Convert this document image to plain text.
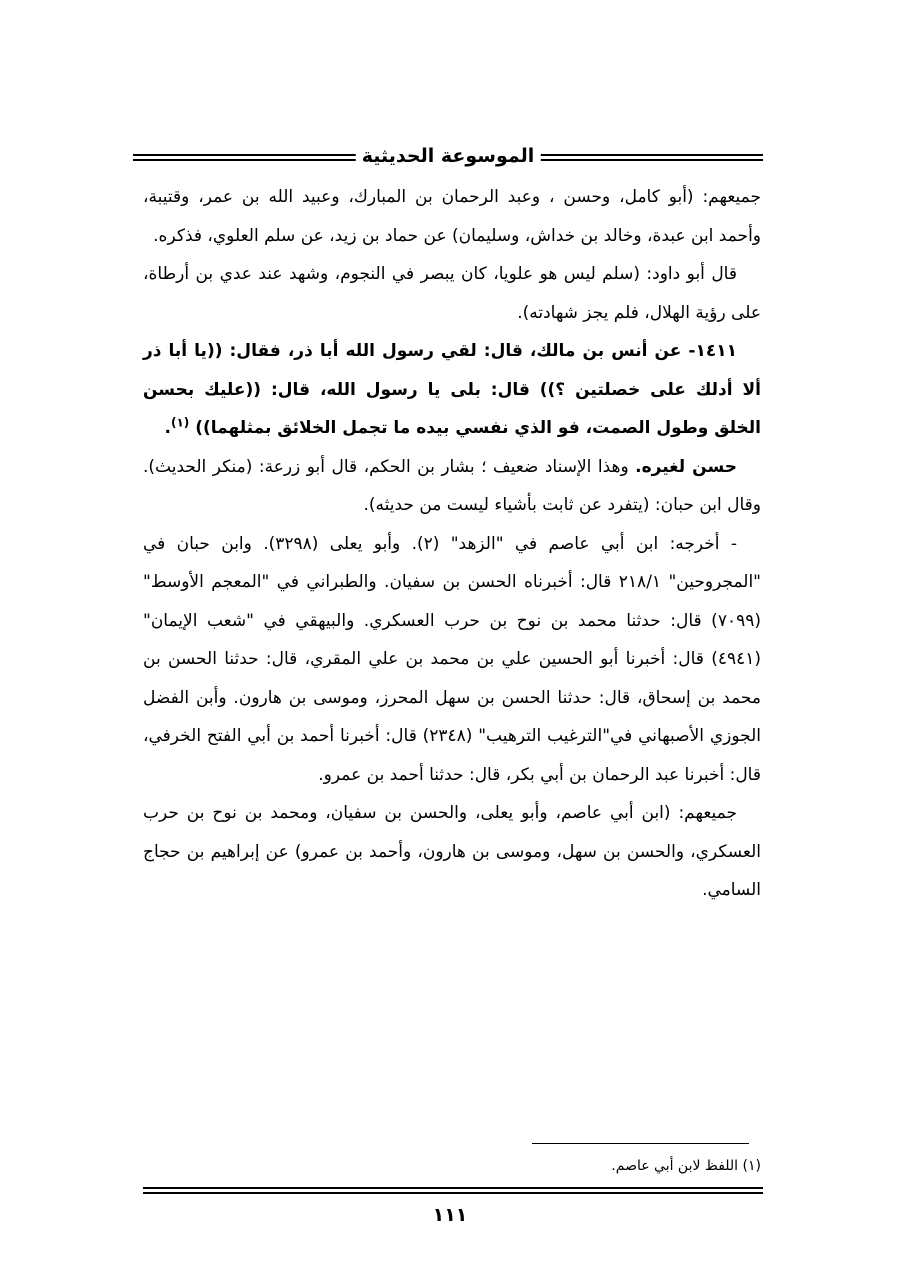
الموسوعة الحديثية

جميعهم: (أبو كامل، وحسن ، وعبد الرحمان بن المبارك، وعبيد الله بن عمر، وقتيبة، وأحمد ابن عبدة، وخالد بن خداش، وسليمان) عن حماد بن زيد، عن سلم العلوي، فذكره.

قال أبو داود: (سلم ليس هو علويا، كان يبصر في النجوم، وشهد عند عدي بن أرطاة، على رؤية الهلال، فلم يجز شهادته).

١٤١١- عن أنس بن مالك، قال: لقي رسول الله أبا ذر، فقال: ((يا أبا ذر ألا أدلك على خصلتين ؟)) قال: بلى يا رسول الله، قال: ((عليك بحسن الخلق وطول الصمت، فو الذي نفسي بيده ما تجمل الخلائق بمثلهما)) $^{(١)}$.

حسن لغيره. وهذا الإسناد ضعيف ؛ بشار بن الحكم، قال أبو زرعة: (منكر الحديث). وقال ابن حبان: (يتفرد عن ثابت بأشياء ليست من حديثه).

- أخرجه: ابن أبي عاصم في "الزهد" (٢). وأبو يعلى (٣٢٩٨). وابن حبان في "المجروحين" ٢١٨/١ قال: أخبرناه الحسن بن سفيان. والطبراني في "المعجم الأوسط" (٧٠٩٩) قال: حدثنا محمد بن نوح بن حرب العسكري. والبيهقي في "شعب الإيمان" (٤٩٤١) قال: أخبرنا أبو الحسين علي بن محمد بن علي المقري، قال: حدثنا الحسن بن محمد بن إسحاق، قال: حدثنا الحسن بن سهل المحرز، وموسى بن هارون. وأبن الفضل الجوزي الأصبهاني في"الترغيب الترهيب" (٢٣٤٨) قال: أخبرنا أحمد بن أبي الفتح الخرفي، قال: أخبرنا عبد الرحمان بن أبي بكر، قال: حدثنا أحمد بن عمرو.

جميعهم: (ابن أبي عاصم، وأبو يعلى، والحسن بن سفيان، ومحمد بن نوح بن حرب العسكري، والحسن بن سهل، وموسى بن هارون، وأحمد بن عمرو) عن إبراهيم بن حجاج السامي.

(١) اللفظ لابن أبي عاصم.
١١١
